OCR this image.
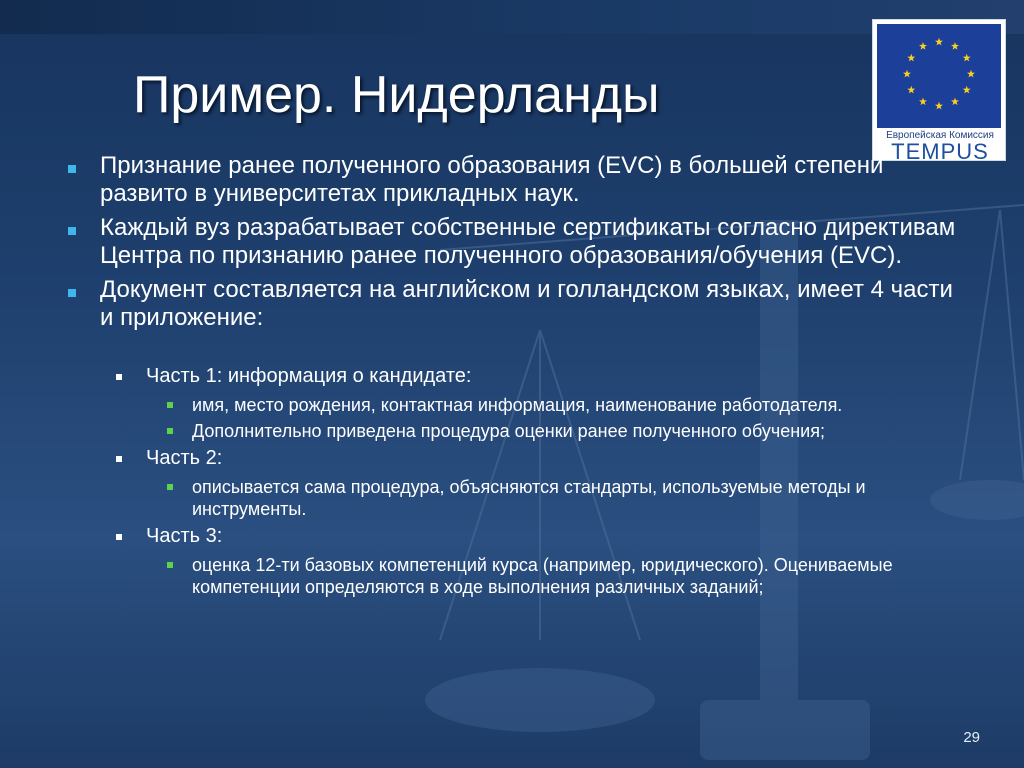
Пример. Нидерланды
Европейская Комиссия
TEMPUS
Признание ранее полученного образования (EVC) в большей степени развито в университетах прикладных наук.
Каждый вуз разрабатывает собственные сертификаты согласно директивам Центра по признанию ранее полученного образования/обучения (EVC).
Документ составляется на английском и голландском языках, имеет 4 части и приложение:
Часть 1: информация о кандидате:
имя, место рождения, контактная информация, наименование работодателя.
Дополнительно приведена процедура оценки ранее полученного обучения;
Часть 2:
описывается сама процедура, объясняются стандарты, используемые методы и инструменты.
Часть 3:
оценка 12-ти базовых компетенций курса (например, юридического). Оцениваемые компетенции определяются в ходе выполнения различных заданий;
29
